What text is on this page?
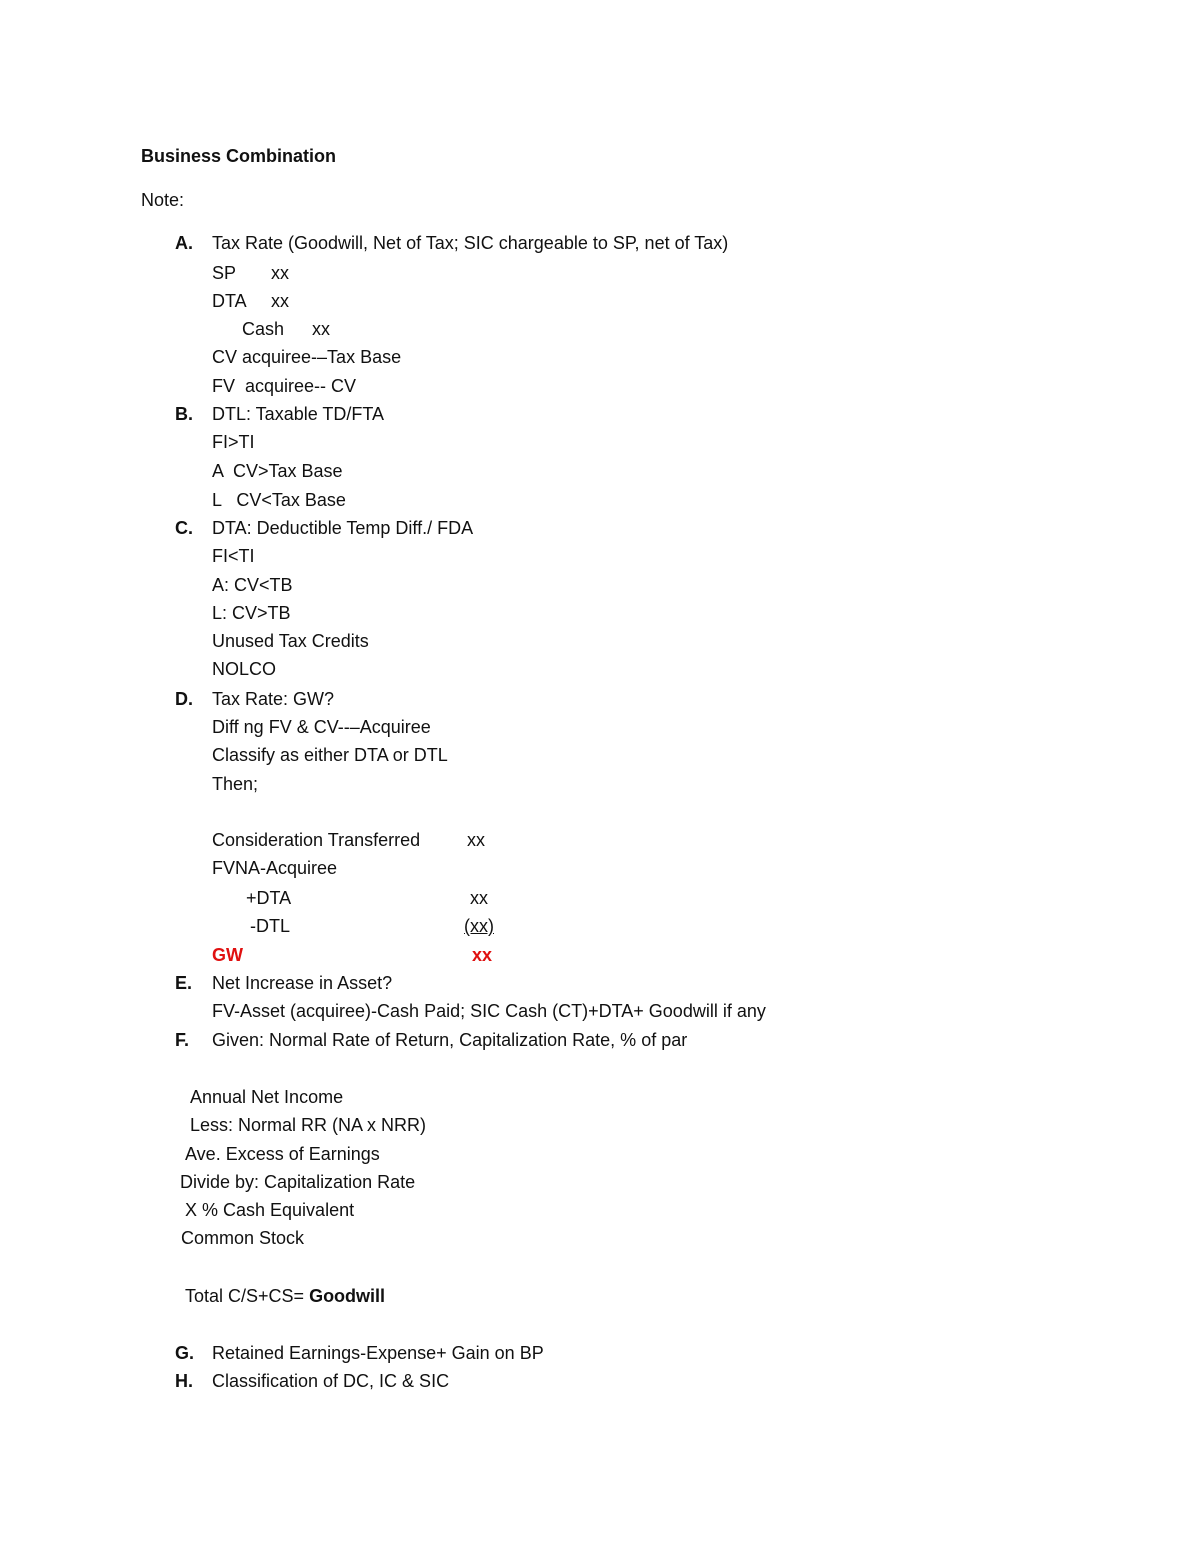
Business Combination
Note:
A. Tax Rate (Goodwill, Net of Tax; SIC chargeable to SP, net of Tax)
SP xx
DTA xx
Cash xx
CV acquiree-–Tax Base
FV  acquiree-- CV
B. DTL: Taxable TD/FTA
FI>TI
A  CV>Tax Base
L   CV<Tax Base
C. DTA: Deductible Temp Diff./ FDA
FI<TI
A: CV<TB
L: CV>TB
Unused Tax Credits
NOLCO
D. Tax Rate: GW?
Diff ng FV & CV--–Acquiree
Classify as either DTA or DTL
Then;
Consideration Transferred	xx
FVNA-Acquiree
+DTA	xx
-DTL	(xx)
GW	xx
E. Net Increase in Asset?
FV-Asset (acquiree)-Cash Paid; SIC Cash (CT)+DTA+ Goodwill if any
F. Given: Normal Rate of Return, Capitalization Rate, % of par
Annual Net Income
Less: Normal RR (NA x NRR)
Ave. Excess of Earnings
Divide by: Capitalization Rate
X % Cash Equivalent
Common Stock
Total C/S+CS= Goodwill
G. Retained Earnings-Expense+ Gain on BP
H. Classification of DC, IC & SIC
